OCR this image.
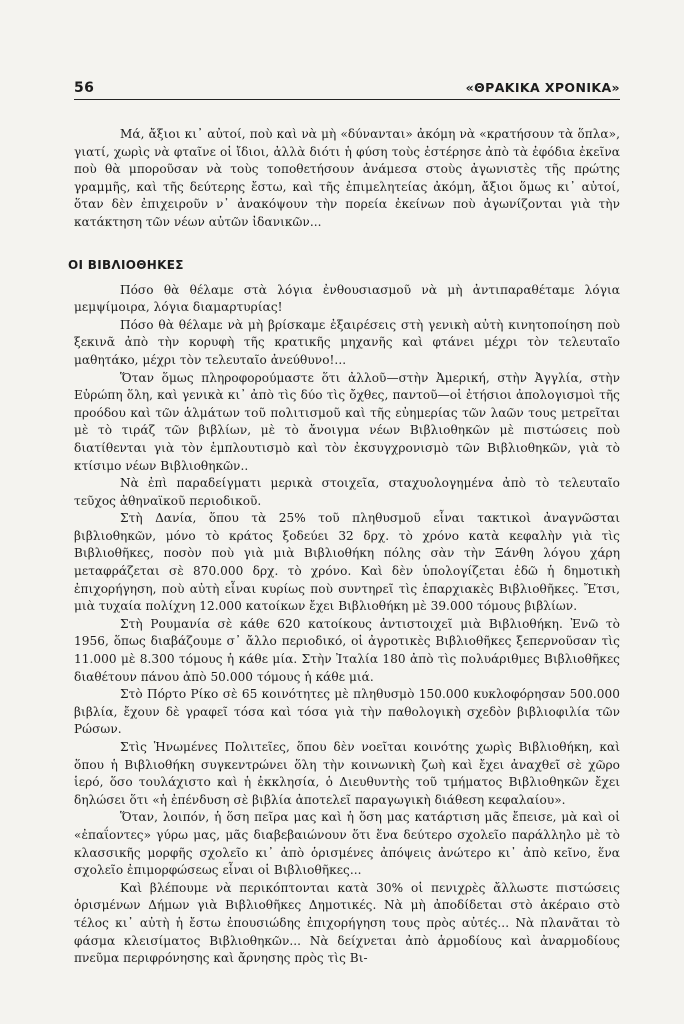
56	«ΘΡΑΚΙΚΑ ΧΡΟΝΙΚΑ»

Μά, ἄξιοι κι᾽ αὐτοί, ποὺ καὶ νὰ μὴ «δύνανται» ἀκόμη νὰ «κρατήσουν τὰ ὅπλα», γιατί, χωρὶς νὰ φταῖνε οἱ ἴδιοι, ἀλλὰ διότι ἡ φύση τοὺς ἐστέρησε ἀπὸ τὰ ἐφόδια ἐκεῖνα ποὺ θὰ μποροῦσαν νὰ τοὺς τοποθετήσουν ἀνάμεσα στοὺς ἀγωνιστὲς τῆς πρώτης γραμμῆς, καὶ τῆς δεύτερης ἔστω, καὶ τῆς ἐπιμελητείας ἀκόμη, ἄξιοι ὅμως κι᾽ αὐτοί, ὅταν δὲν ἐπιχειροῦν ν᾽ ἀνακόψουν τὴν πορεία ἐκείνων ποὺ ἀγωνίζονται γιὰ τὴν κατάκτηση τῶν νέων αὐτῶν ἰδανικῶν...

ΟΙ ΒΙΒΛΙΟΘΗΚΕΣ

Πόσο θὰ θέλαμε στὰ λόγια ἐνθουσιασμοῦ νὰ μὴ ἀντιπαραθέταμε λόγια μεμψίμοιρα, λόγια διαμαρτυρίας!

Πόσο θὰ θέλαμε νὰ μὴ βρίσκαμε ἐξαιρέσεις στὴ γενικὴ αὐτὴ κινητοποίηση ποὺ ξεκινᾶ ἀπὸ τὴν κορυφὴ τῆς κρατικῆς μηχανῆς καὶ φτάνει μέχρι τὸν τελευταῖο μαθητάκο, μέχρι τὸν τελευταῖο ἀνεύθυνο!...

Ὅταν ὅμως πληροφορούμαστε ὅτι ἀλλοῦ—στὴν Ἀμερική, στὴν Ἀγγλία, στὴν Εὐρώπη ὅλη, καὶ γενικὰ κι᾽ ἀπὸ τὶς δύο τὶς ὄχθες, παντοῦ—οἱ ἐτήσιοι ἀπολογισμοὶ τῆς προόδου καὶ τῶν ἁλμάτων τοῦ πολιτισμοῦ καὶ τῆς εὐημερίας τῶν λαῶν τους μετρεῖται μὲ τὸ τιράζ τῶν βιβλίων, μὲ τὸ ἄνοιγμα νέων Βιβλιοθηκῶν μὲ πιστώσεις ποὺ διατίθενται γιὰ τὸν ἐμπλουτισμὸ καὶ τὸν ἐκσυγχρονισμὸ τῶν Βιβλιοθηκῶν, γιὰ τὸ κτίσιμο νέων Βιβλιοθηκῶν..

Νὰ ἐπὶ παραδείγματι μερικὰ στοιχεῖα, σταχυολογημένα ἀπὸ τὸ τελευταῖο τεῦχος ἀθηναϊκοῦ περιοδικοῦ.

Στὴ Δανία, ὅπου τὰ 25% τοῦ πληθυσμοῦ εἶναι τακτικοὶ ἀναγνῶσται βιβλιοθηκῶν, μόνο τὸ κράτος ξοδεύει 32 δρχ. τὸ χρόνο κατὰ κεφαλὴν γιὰ τὶς Βιβλιοθῆκες, ποσὸν ποὺ γιὰ μιὰ Βιβλιοθήκη πόλης σὰν τὴν Ξάνθη λόγου χάρη μεταφράζεται σὲ 870.000 δρχ. τὸ χρόνο. Καὶ δὲν ὑπολογίζεται ἐδῶ ἡ δημοτικὴ ἐπιχορήγηση, ποὺ αὐτὴ εἶναι κυρίως ποὺ συντηρεῖ τὶς ἐπαρχιακὲς Βιβλιοθῆκες. Ἔτσι, μιὰ τυχαία πολίχνη 12.000 κατοίκων ἔχει Βιβλιοθήκη μὲ 39.000 τόμους βιβλίων.

Στὴ Ρουμανία σὲ κάθε 620 κατοίκους ἀντιστοιχεῖ μιὰ Βιβλιοθήκη. Ἐνῶ τὸ 1956, ὅπως διαβάζουμε σ᾽ ἄλλο περιοδικό, οἱ ἀγροτικὲς Βιβλιοθῆκες ξεπερνοῦσαν τὶς 11.000 μὲ 8.300 τόμους ἡ κάθε μία. Στὴν Ἰταλία 180 ἀπὸ τὶς πολυάριθμες Βιβλιοθῆκες διαθέτουν πάνου ἀπὸ 50.000 τόμους ἡ κάθε μιά.

Στὸ Πόρτο Ρίκο σὲ 65 κοινότητες μὲ πληθυσμὸ 150.000 κυκλοφόρησαν 500.000 βιβλία, ἔχουν δὲ γραφεῖ τόσα καὶ τόσα γιὰ τὴν παθολογικὴ σχεδὸν βιβλιοφιλία τῶν Ρώσων.

Στὶς Ἡνωμένες Πολιτεῖες, ὅπου δὲν νοεῖται κοινότης χωρὶς Βιβλιοθήκη, καὶ ὅπου ἡ Βιβλιοθήκη συγκεντρώνει ὅλη τὴν κοινωνικὴ ζωὴ καὶ ἔχει ἀναχθεῖ σὲ χῶρο ἱερό, ὅσο τουλάχιστο καὶ ἡ ἐκκλησία, ὁ Διευθυντὴς τοῦ τμήματος Βιβλιοθηκῶν ἔχει δηλώσει ὅτι «ἡ ἐπένδυση σὲ βιβλία ἀποτελεῖ παραγωγικὴ διάθεση κεφαλαίου».

Ὅταν, λοιπόν, ἡ ὅση πεῖρα μας καὶ ἡ ὅση μας κατάρτιση μᾶς ἔπεισε, μὰ καὶ οἱ «ἐπαΐοντες» γύρω μας, μᾶς διαβεβαιώνουν ὅτι ἕνα δεύτερο σχολεῖο παράλληλο μὲ τὸ κλασσικῆς μορφῆς σχολεῖο κι᾽ ἀπὸ ὁρισμένες ἀπόψεις ἀνώτερο κι᾽ ἀπὸ κεῖνο, ἕνα σχολεῖο ἐπιμορφώσεως εἶναι οἱ Βιβλιοθῆκες...

Καὶ βλέπουμε νὰ περικόπτονται κατὰ 30% οἱ πενιχρὲς ἄλλωστε πιστώσεις ὁρισμένων Δήμων γιὰ Βιβλιοθῆκες Δημοτικές. Νὰ μὴ ἀποδίδεται στὸ ἀκέραιο στὸ τέλος κι᾽ αὐτὴ ἡ ἔστω ἐπουσιώδης ἐπιχορήγηση τους πρὸς αὐτές... Νὰ πλανᾶται τὸ φάσμα κλεισίματος Βιβλιοθηκῶν... Νὰ δείχνεται ἀπὸ ἁρμοδίους καὶ ἀναρμοδίους πνεῦμα περιφρόνησης καὶ ἄρνησης πρὸς τὶς Βι-
